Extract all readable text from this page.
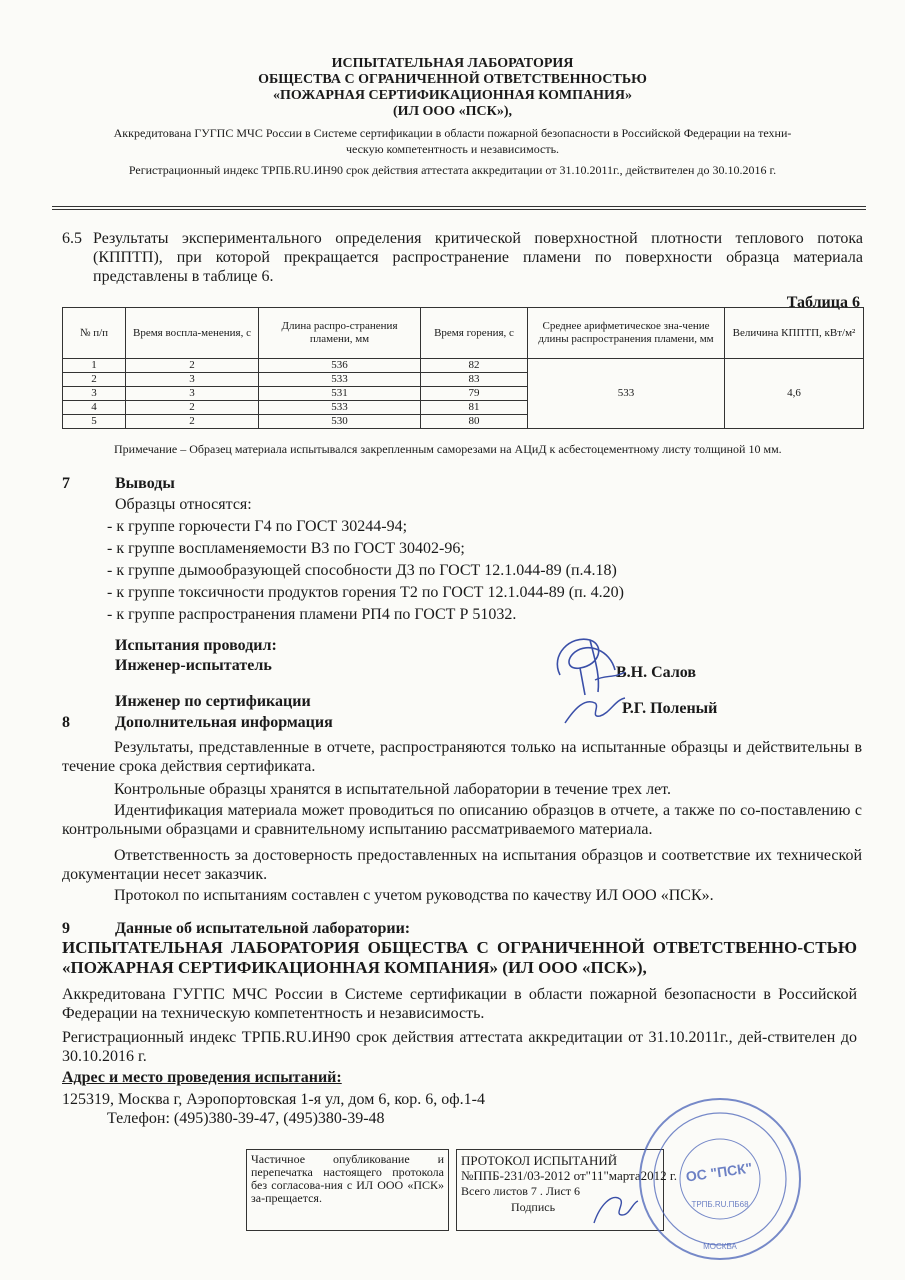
ИСПЫТАТЕЛЬНАЯ ЛАБОРАТОРИЯ
ОБЩЕСТВА С ОГРАНИЧЕННОЙ ОТВЕТСТВЕННОСТЬЮ
«ПОЖАРНАЯ СЕРТИФИКАЦИОННАЯ КОМПАНИЯ»
(ИЛ ООО «ПСК»),
Аккредитована ГУГПС МЧС России в Системе сертификации в области пожарной безопасности в Российской Федерации на техни-
ческую компетентность и независимость.
Регистрационный индекс ТРПБ.RU.ИН90 срок действия аттестата аккредитации от 31.10.2011г., действителен до 30.10.2016 г.
6.5 Результаты экспериментального определения критической поверхностной плотности теплового потока (КППТП), при которой прекращается распространение пламени по поверхности образца материала представлены в таблице 6.
Таблица 6
№ п/п	Время воспла-менения, с	Длина распро-странения пламени, мм	Время горения, с	Среднее арифметическое зна-чение длины распространения пламени, мм	Величина КППТП, кВт/м²
1	2	536	82	533	4,6
2	3	533	83		
3	3	531	79		
4	2	533	81		
5	2	530	80		
Примечание – Образец материала испытывался закрепленным саморезами на АЦиД к асбестоцементному листу толщиной 10 мм.
7	Выводы
Образцы относятся:
- к группе горючести Г4 по ГОСТ 30244-94;
- к группе воспламеняемости В3 по ГОСТ 30402-96;
- к группе дымообразующей способности Д3 по ГОСТ 12.1.044-89 (п.4.18)
- к группе токсичности продуктов горения Т2 по ГОСТ 12.1.044-89 (п. 4.20)
- к группе распространения пламени РП4 по ГОСТ Р 51032.
Испытания проводил:
Инженер-испытатель	В.Н. Салов
Инженер по сертификации	Р.Г. Поленый
8	Дополнительная информация
Результаты, представленные в отчете, распространяются только на испытанные образцы и действительны в течение срока действия сертификата.
Контрольные образцы хранятся в испытательной лаборатории в течение трех лет.
Идентификация материала может проводиться по описанию образцов в отчете, а также по со-поставлению с контрольными образцами и сравнительному испытанию рассматриваемого материала.
Ответственность за достоверность предоставленных на испытания образцов и соответствие их технической документации несет заказчик.
Протокол по испытаниям составлен с учетом руководства по качеству ИЛ ООО «ПСК».
9	Данные об испытательной лаборатории:
ИСПЫТАТЕЛЬНАЯ ЛАБОРАТОРИЯ ОБЩЕСТВА С ОГРАНИЧЕННОЙ ОТВЕТСТВЕННО-СТЬЮ «ПОЖАРНАЯ СЕРТИФИКАЦИОННАЯ КОМПАНИЯ» (ИЛ ООО «ПСК»),
Аккредитована ГУГПС МЧС России в Системе сертификации в области пожарной безопасности в Российской Федерации на техническую компетентность и независимость.
Регистрационный индекс ТРПБ.RU.ИН90 срок действия аттестата аккредитации от 31.10.2011г., дей-ствителен до 30.10.2016 г.
Адрес и место проведения испытаний:
125319, Москва г, Аэропортовская 1-я ул, дом 6, кор. 6, оф.1-4
Телефон: (495)380-39-47, (495)380-39-48
Частичное опубликование и перепечатка настоящего протокола без согласова-ния с ИЛ ООО «ПСК» за-прещается.
ПРОТОКОЛ ИСПЫТАНИЙ
№ППБ-231/03-2012 от"11"марта2012 г.
Всего листов 7 . Лист 6
Подпись
ОС "ПСК"
ТРПБ.RU.ПБ68
МОСКВА
